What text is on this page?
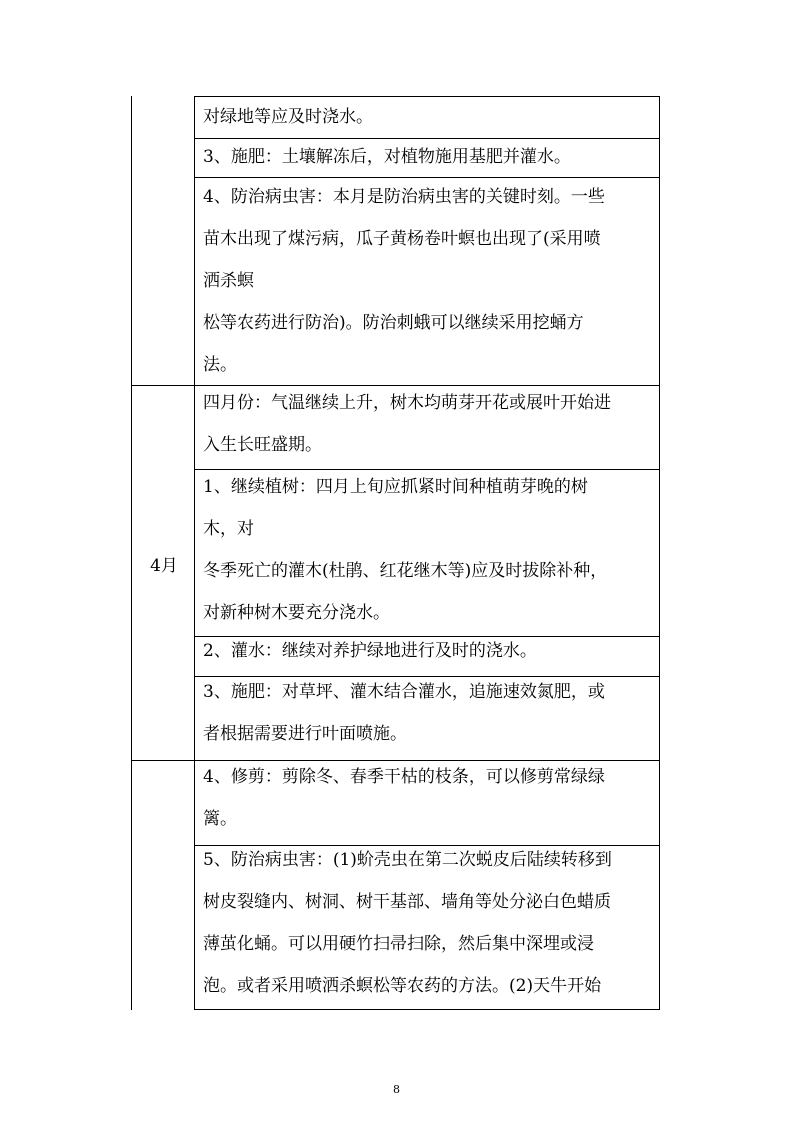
4月
对绿地等应及时浇水。
3、施肥：土壤解冻后，对植物施用基肥并灌水。
4、防治病虫害：本月是防治病虫害的关键时刻。一些
苗木出现了煤污病，瓜子黄杨卷叶螟也出现了(采用喷
洒杀螟
松等农药进行防治)。防治刺蛾可以继续采用挖蛹方
法。
四月份：气温继续上升，树木均萌芽开花或展叶开始进
入生长旺盛期。
1、继续植树：四月上旬应抓紧时间种植萌芽晚的树
木，对
冬季死亡的灌木(杜鹃、红花继木等)应及时拔除补种，
对新种树木要充分浇水。
2、灌水：继续对养护绿地进行及时的浇水。
3、施肥：对草坪、灌木结合灌水，追施速效氮肥，或
者根据需要进行叶面喷施。
4、修剪：剪除冬、春季干枯的枝条，可以修剪常绿绿
篱。
5、防治病虫害：(1)蚧壳虫在第二次蜕皮后陆续转移到
树皮裂缝内、树洞、树干基部、墙角等处分泌白色蜡质
薄茧化蛹。可以用硬竹扫帚扫除，然后集中深埋或浸
泡。或者采用喷洒杀螟松等农药的方法。(2)天牛开始
8
